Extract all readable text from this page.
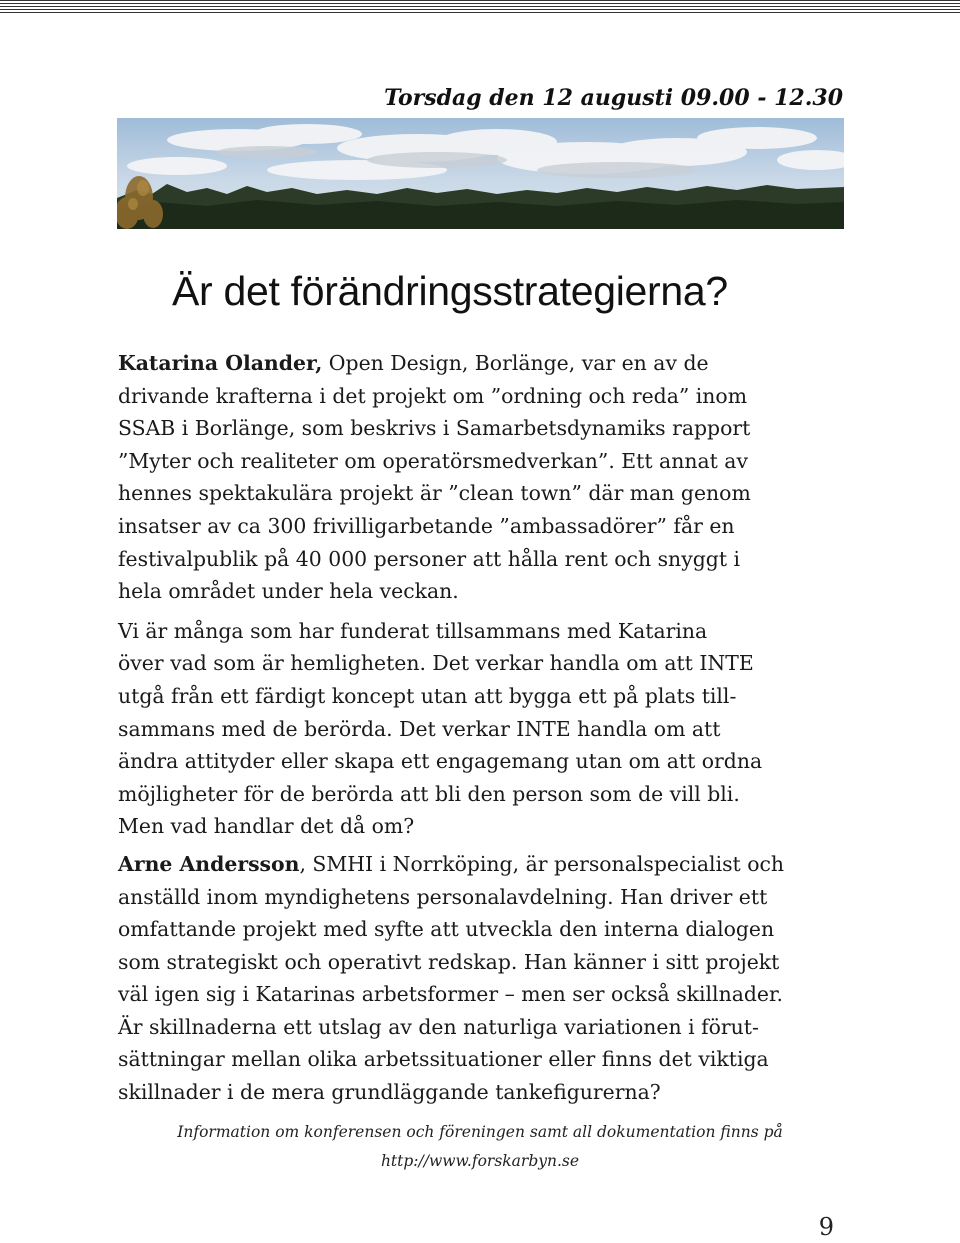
Torsdag den 12 augusti 09.00 - 12.30
Är det förändringsstrategierna?

Katarina Olander, Open Design, Borlänge, var en av de
drivande krafterna i det projekt om ”ordning och reda” inom
SSAB i Borlänge, som beskrivs i Samarbetsdynamiks rapport
”Myter och realiteter om operatörsmedverkan”. Ett annat av
hennes spektakulära projekt är ”clean town” där man genom
insatser av ca 300 frivilligarbetande ”ambassadörer” får en
festivalpublik på 40 000 personer att hålla rent och snyggt i
hela området under hela veckan.

Vi är många som har funderat tillsammans med Katarina
över vad som är hemligheten. Det verkar handla om att INTE
utgå från ett färdigt koncept utan att bygga ett på plats till-
sammans med de berörda. Det verkar INTE handla om att
ändra attityder eller skapa ett engagemang utan om att ordna
möjligheter för de berörda att bli den person som de vill bli.
Men vad handlar det då om?

Arne Andersson, SMHI i Norrköping, är personalspecialist och
anställd inom myndighetens personalavdelning. Han driver ett
omfattande projekt med syfte att utveckla den interna dialogen
som strategiskt och operativt redskap. Han känner i sitt projekt
väl igen sig i Katarinas arbetsformer – men ser också skillnader.
Är skillnaderna ett utslag av den naturliga variationen i förut-
sättningar mellan olika arbetssituationer eller finns det viktiga
skillnader i de mera grundläggande tankefigurerna?

Information om konferensen och föreningen samt all dokumentation finns på
http://www.forskarbyn.se
9
